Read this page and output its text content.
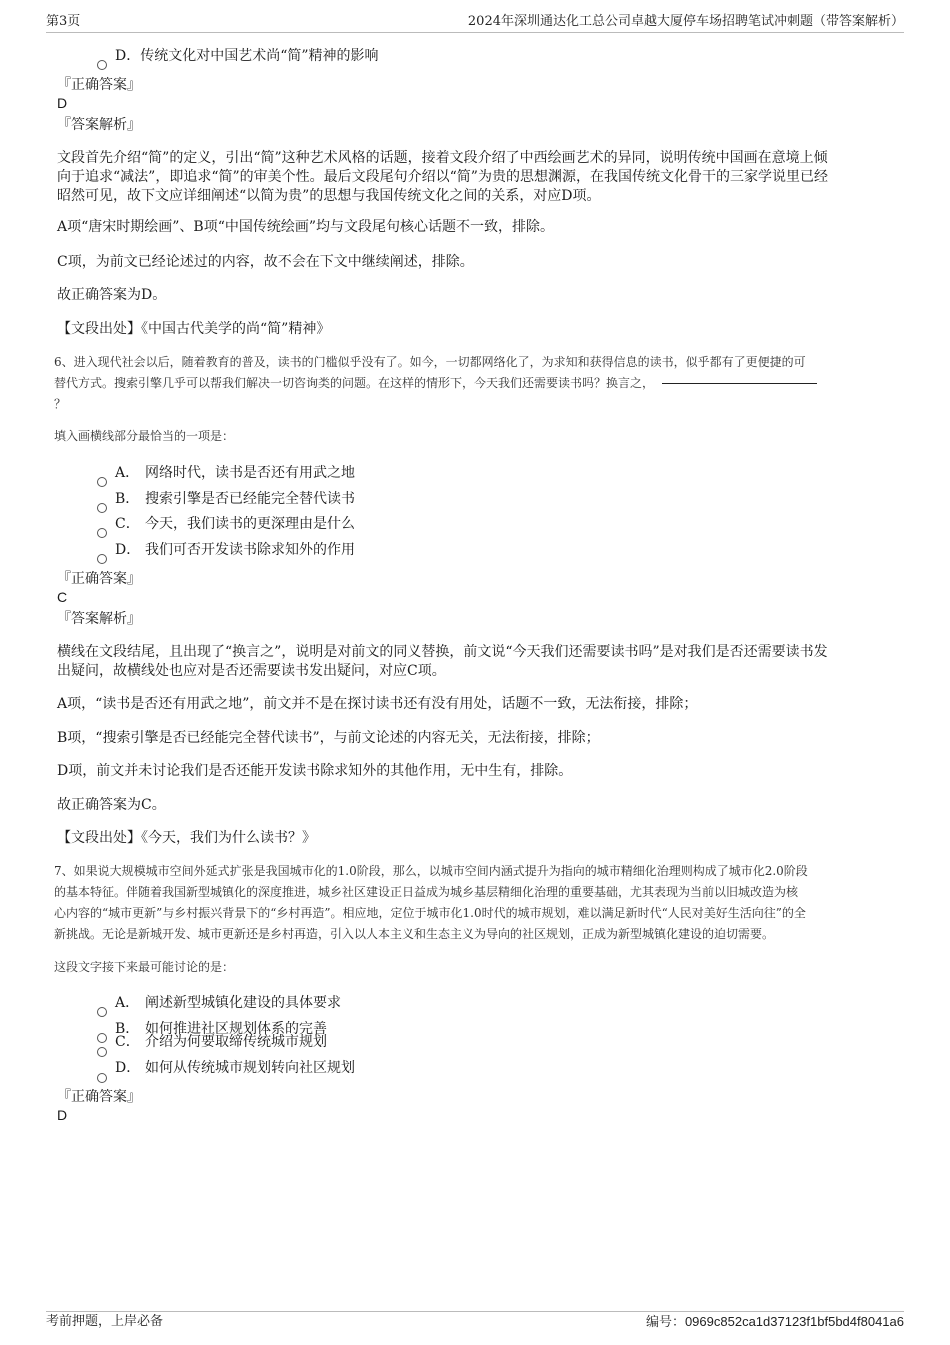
第3页	2024年深圳通达化工总公司卓越大厦停车场招聘笔试冲刺题（带答案解析）
D．传统文化对中国艺术尚“简”精神的影响
『正确答案』
D
『答案解析』
文段首先介绍“简”的定义，引出“简”这种艺术风格的话题，接着文段介绍了中西绘画艺术的异同，说明传统中国画在意境上倾
向于追求“减法”，即追求“简”的审美个性。最后文段尾句介绍以“简”为贵的思想渊源，在我国传统文化骨干的三家学说里已经
昭然可见，故下文应详细阐述“以简为贵”的思想与我国传统文化之间的关系，对应D项。
A项“唐宋时期绘画”、B项“中国传统绘画”均与文段尾句核心话题不一致，排除。
C项，为前文已经论述过的内容，故不会在下文中继续阐述，排除。
故正确答案为D。
【文段出处】《中国古代美学的尚“简”精神》
6、进入现代社会以后，随着教育的普及，读书的门槛似乎没有了。如今，一切都网络化了，为求知和获得信息的读书，似乎都有了更便捷的可
替代方式。搜索引擎几乎可以帮我们解决一切咨询类的问题。在这样的情形下，今天我们还需要读书吗？换言之，
？
填入画横线部分最恰当的一项是：
A． 网络时代，读书是否还有用武之地
B． 搜索引擎是否已经能完全替代读书
C． 今天，我们读书的更深理由是什么
D． 我们可否开发读书除求知外的作用
『正确答案』
C
『答案解析』
横线在文段结尾，且出现了“换言之”，说明是对前文的同义替换，前文说“今天我们还需要读书吗”是对我们是否还需要读书发
出疑问，故横线处也应对是否还需要读书发出疑问，对应C项。
A项，“读书是否还有用武之地”，前文并不是在探讨读书还有没有用处，话题不一致，无法衔接，排除；
B项，“搜索引擎是否已经能完全替代读书”，与前文论述的内容无关，无法衔接，排除；
D项，前文并未讨论我们是否还能开发读书除求知外的其他作用，无中生有，排除。
故正确答案为C。
【文段出处】《今天，我们为什么读书？》
7、如果说大规模城市空间外延式扩张是我国城市化的1.0阶段，那么，以城市空间内涵式提升为指向的城市精细化治理则构成了城市化2.0阶段
的基本特征。伴随着我国新型城镇化的深度推进，城乡社区建设正日益成为城乡基层精细化治理的重要基础，尤其表现为当前以旧城改造为核
心内容的“城市更新”与乡村振兴背景下的“乡村再造”。相应地，定位于城市化1.0时代的城市规划，难以满足新时代“人民对美好生活向往”的全
新挑战。无论是新城开发、城市更新还是乡村再造，引入以人本主义和生态主义为导向的社区规划，正成为新型城镇化建设的迫切需要。
这段文字接下来最可能讨论的是：
A． 阐述新型城镇化建设的具体要求
B． 如何推进社区规划体系的完善
C． 介绍为何要取缔传统城市规划
D． 如何从传统城市规划转向社区规划
『正确答案』
D
考前押题，上岸必备	编号：0969c852ca1d37123f1bf5bd4f8041a6
